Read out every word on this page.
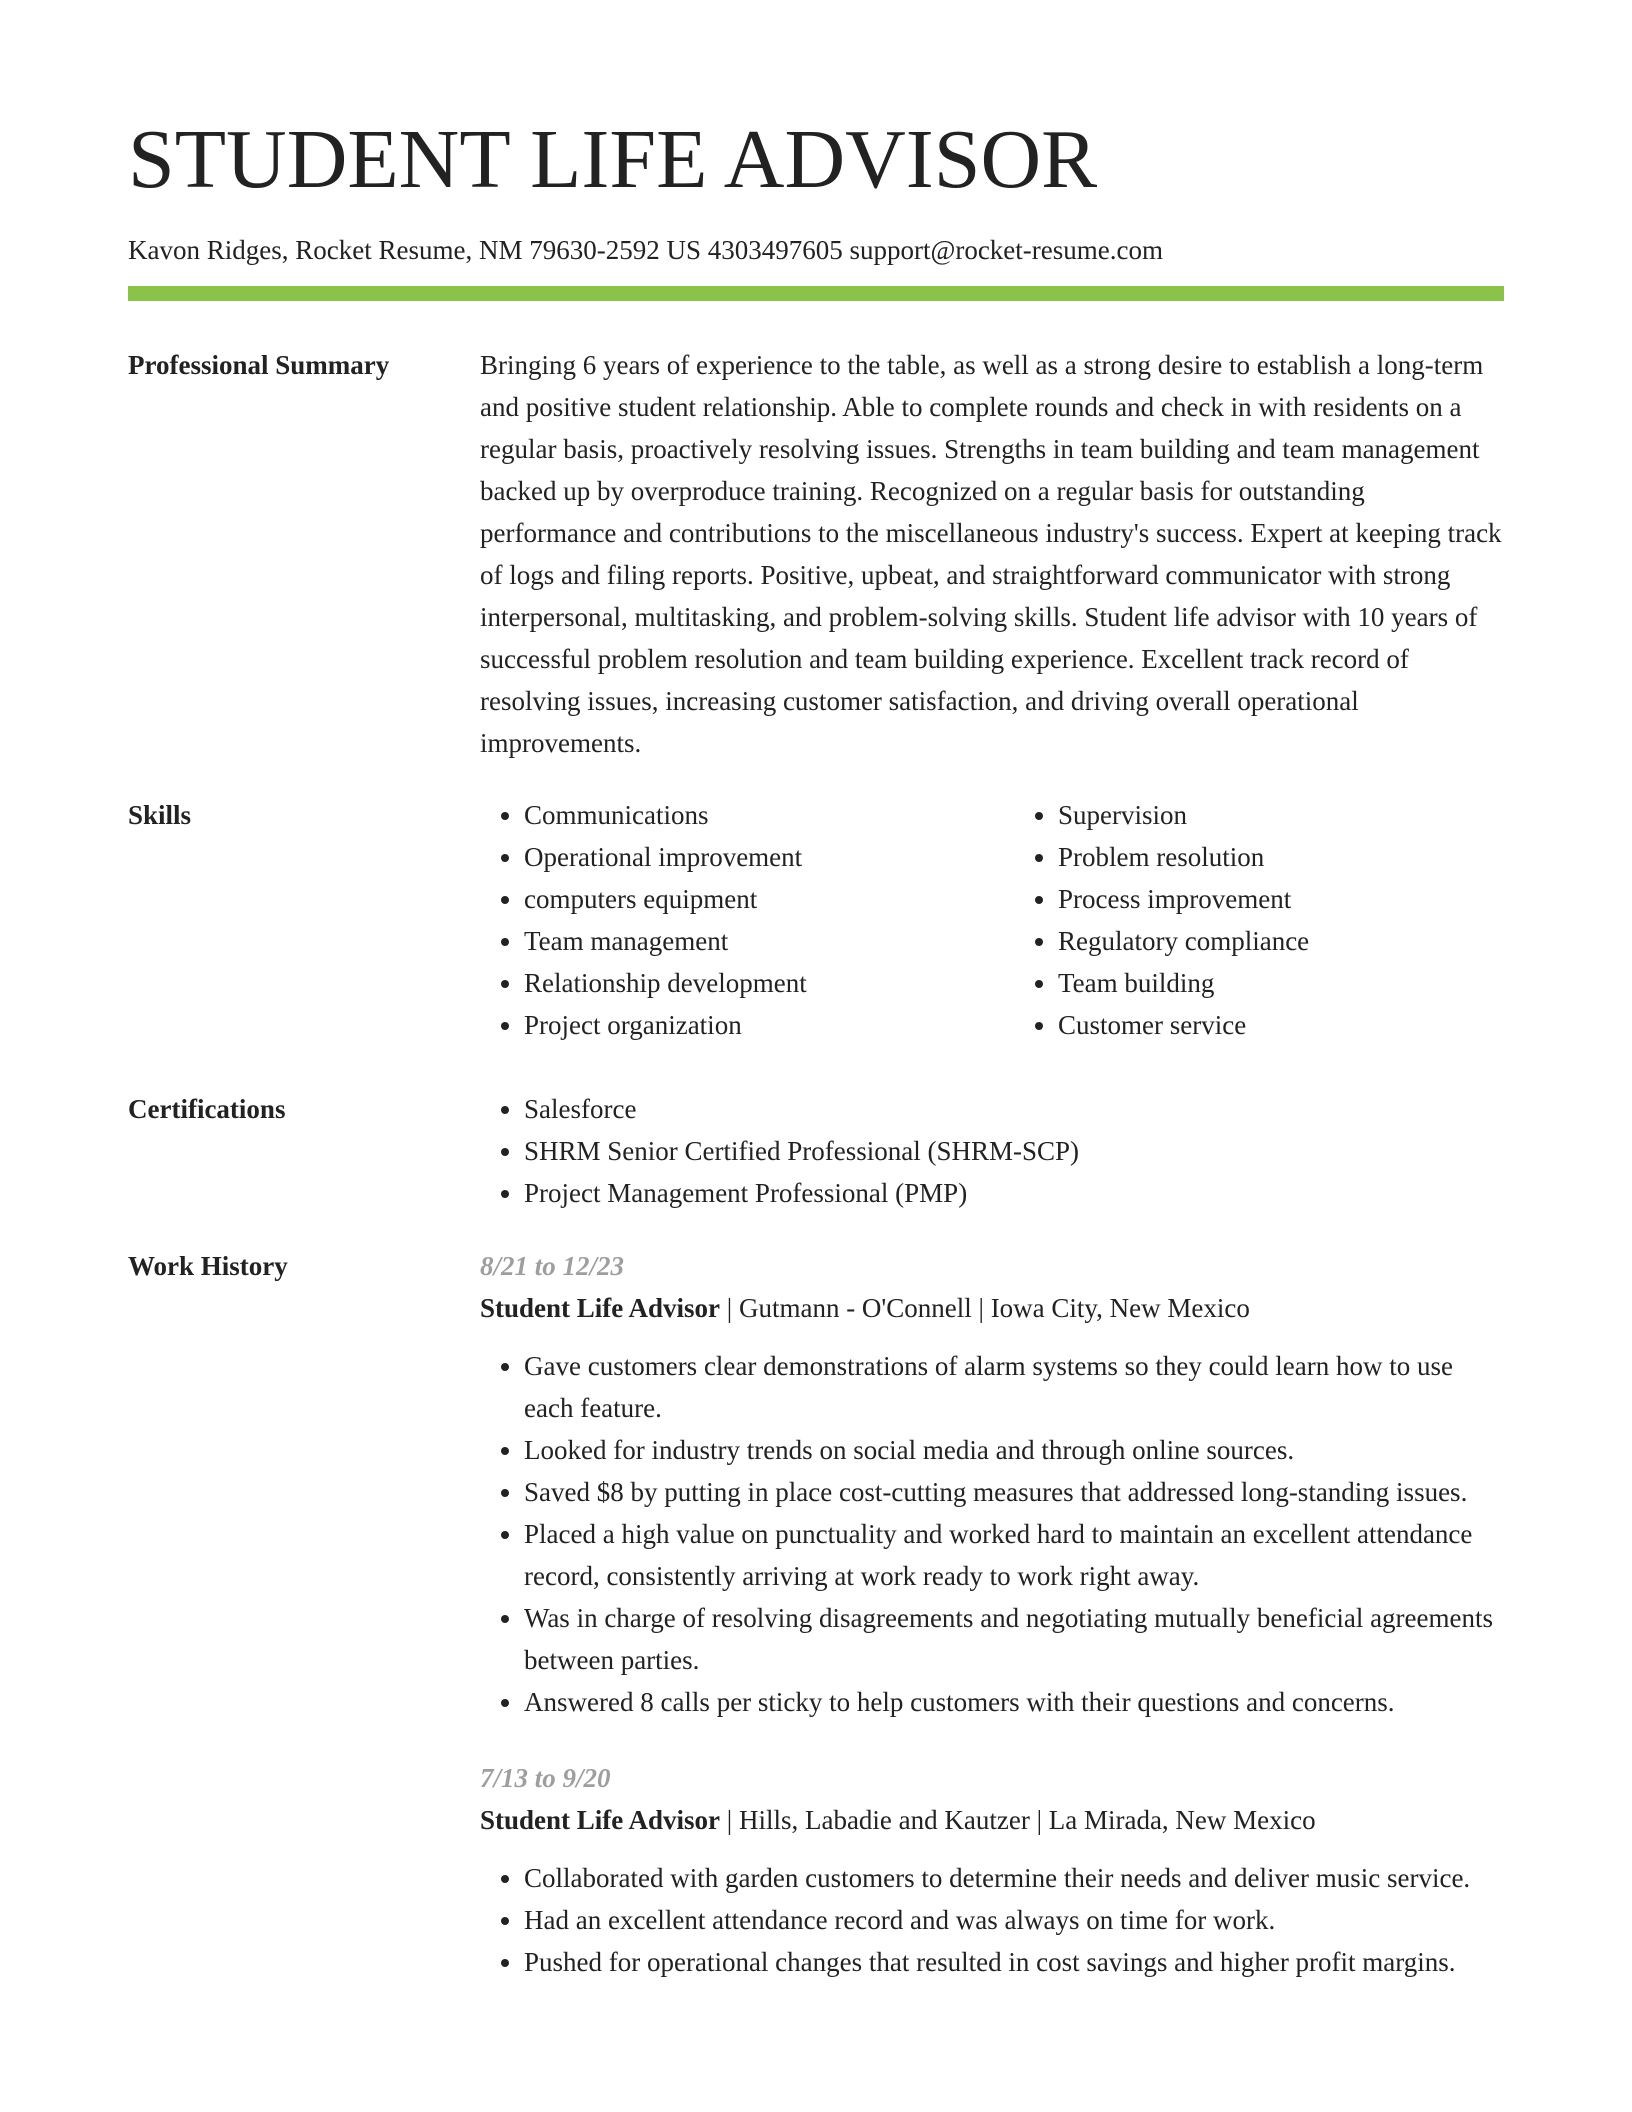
STUDENT LIFE ADVISOR
Kavon Ridges, Rocket Resume, NM 79630-2592 US 4303497605 support@rocket-resume.com
Professional Summary	Bringing 6 years of experience to the table, as well as a strong desire to establish a long-term and positive student relationship. Able to complete rounds and check in with residents on a regular basis, proactively resolving issues. Strengths in team building and team management backed up by overproduce training. Recognized on a regular basis for outstanding performance and contributions to the miscellaneous industry's success. Expert at keeping track of logs and filing reports. Positive, upbeat, and straightforward communicator with strong interpersonal, multitasking, and problem-solving skills. Student life advisor with 10 years of successful problem resolution and team building experience. Excellent track record of resolving issues, increasing customer satisfaction, and driving overall operational improvements.

Skills	• Communications
• Operational improvement
• computers equipment
• Team management
• Relationship development
• Project organization
• Supervision
• Problem resolution
• Process improvement
• Regulatory compliance
• Team building
• Customer service
Certifications	• Salesforce
• SHRM Senior Certified Professional (SHRM-SCP)
• Project Management Professional (PMP)
Work History	8/21 to 12/23
Student Life Advisor | Gutmann - O'Connell | Iowa City, New Mexico
• Gave customers clear demonstrations of alarm systems so they could learn how to use each feature.
• Looked for industry trends on social media and through online sources.
• Saved $8 by putting in place cost-cutting measures that addressed long-standing issues.
• Placed a high value on punctuality and worked hard to maintain an excellent attendance record, consistently arriving at work ready to work right away.
• Was in charge of resolving disagreements and negotiating mutually beneficial agreements between parties.
• Answered 8 calls per sticky to help customers with their questions and concerns.
7/13 to 9/20
Student Life Advisor | Hills, Labadie and Kautzer | La Mirada, New Mexico
• Collaborated with garden customers to determine their needs and deliver music service.
• Had an excellent attendance record and was always on time for work.
• Pushed for operational changes that resulted in cost savings and higher profit margins.
